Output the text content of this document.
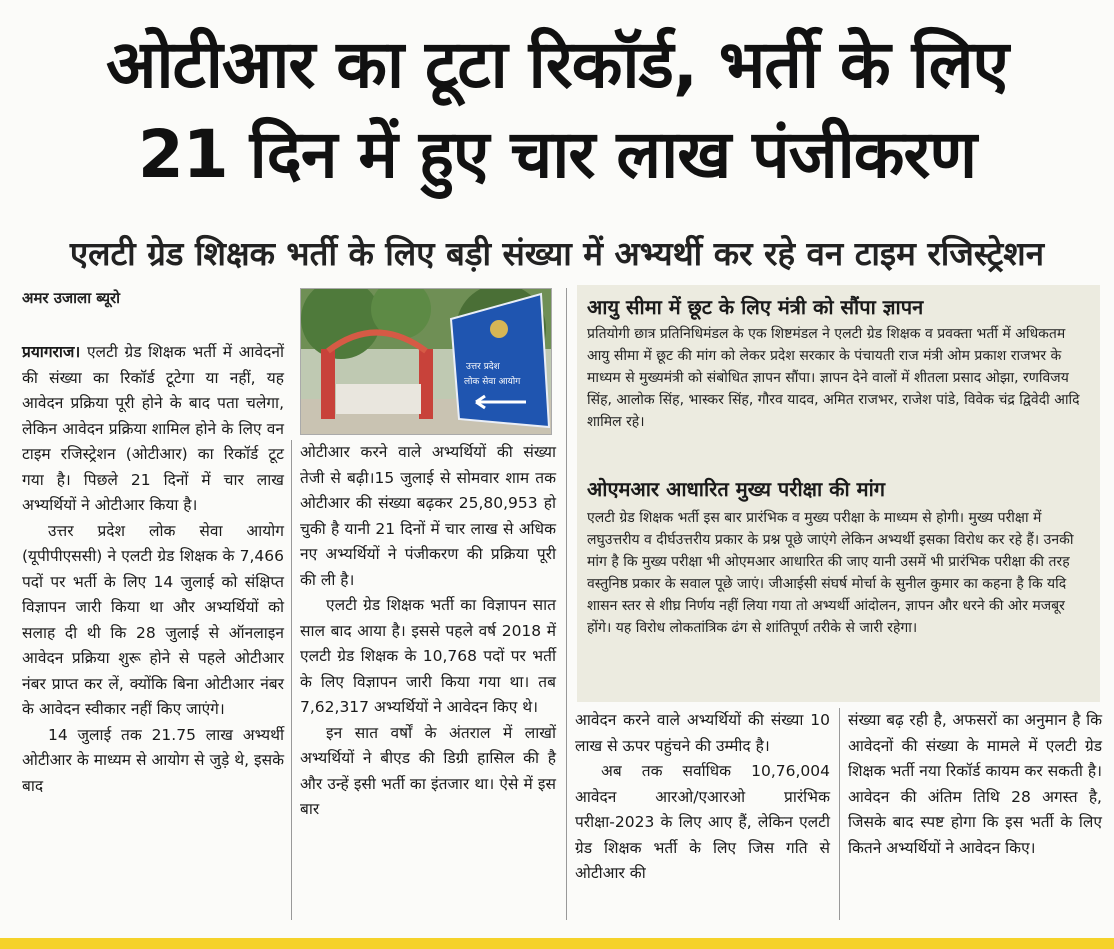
ओटीआर का टूटा रिकॉर्ड, भर्ती के लिए
21 दिन में हुए चार लाख पंजीकरण
एलटी ग्रेड शिक्षक भर्ती के लिए बड़ी संख्या में अभ्यर्थी कर रहे वन टाइम रजिस्ट्रेशन
अमर उजाला ब्यूरो
उत्तर प्रदेश
लोक सेवा आयोग

प्रयागराज। एलटी ग्रेड शिक्षक भर्ती में आवेदनों की संख्या का रिकॉर्ड टूटेगा या नहीं, यह आवेदन प्रक्रिया पूरी होने के बाद पता चलेगा, लेकिन आवेदन प्रक्रिया शामिल होने के लिए वन टाइम रजिस्ट्रेशन (ओटीआर) का रिकॉर्ड टूट गया है। पिछले 21 दिनों में चार लाख अभ्यर्थियों ने ओटीआर किया है।

उत्तर प्रदेश लोक सेवा आयोग (यूपीपीएससी) ने एलटी ग्रेड शिक्षक के 7,466 पदों पर भर्ती के लिए 14 जुलाई को संक्षिप्त विज्ञापन जारी किया था और अभ्यर्थियों को सलाह दी थी कि 28 जुलाई से ऑनलाइन आवेदन प्रक्रिया शुरू होने से पहले ओटीआर नंबर प्राप्त कर लें, क्योंकि बिना ओटीआर नंबर के आवेदन स्वीकार नहीं किए जाएंगे।

14 जुलाई तक 21.75 लाख अभ्यर्थी ओटीआर के माध्यम से आयोग से जुड़े थे, इसके बाद

ओटीआर करने वाले अभ्यर्थियों की संख्या तेजी से बढ़ी।15 जुलाई से सोमवार शाम तक ओटीआर की संख्या बढ़कर 25,80,953 हो चुकी है यानी 21 दिनों में चार लाख से अधिक नए अभ्यर्थियों ने पंजीकरण की प्रक्रिया पूरी की ली है।

एलटी ग्रेड शिक्षक भर्ती का विज्ञापन सात साल बाद आया है। इससे पहले वर्ष 2018 में एलटी ग्रेड शिक्षक के 10,768 पदों पर भर्ती के लिए विज्ञापन जारी किया गया था। तब 7,62,317 अभ्यर्थियों ने आवेदन किए थे।

इन सात वर्षों के अंतराल में लाखों अभ्यर्थियों ने बीएड की डिग्री हासिल की है और उन्हें इसी भर्ती का इंतजार था। ऐसे में इस बार

आयु सीमा में छूट के लिए मंत्री को सौंपा ज्ञापन
प्रतियोगी छात्र प्रतिनिधिमंडल के एक शिष्टमंडल ने एलटी ग्रेड शिक्षक व प्रवक्ता भर्ती में अधिकतम आयु सीमा में छूट की मांग को लेकर प्रदेश सरकार के पंचायती राज मंत्री ओम प्रकाश राजभर के माध्यम से मुख्यमंत्री को संबोधित ज्ञापन सौंपा। ज्ञापन देने वालों में शीतला प्रसाद ओझा, रणविजय सिंह, आलोक सिंह, भास्कर सिंह, गौरव यादव, अमित राजभर, राजेश पांडे, विवेक चंद्र द्विवेदी आदि शामिल रहे।
ओएमआर आधारित मुख्य परीक्षा की मांग
एलटी ग्रेड शिक्षक भर्ती इस बार प्रारंभिक व मुख्य परीक्षा के माध्यम से होगी। मुख्य परीक्षा में लघुउत्तरीय व दीर्घउत्तरीय प्रकार के प्रश्न पूछे जाएंगे लेकिन अभ्यर्थी इसका विरोध कर रहे हैं। उनकी मांग है कि मुख्य परीक्षा भी ओएमआर आधारित की जाए यानी उसमें भी प्रारंभिक परीक्षा की तरह वस्तुनिष्ठ प्रकार के सवाल पूछे जाएं। जीआईसी संघर्ष मोर्चा के सुनील कुमार का कहना है कि यदि शासन स्तर से शीघ्र निर्णय नहीं लिया गया तो अभ्यर्थी आंदोलन, ज्ञापन और धरने की ओर मजबूर होंगे। यह विरोध लोकतांत्रिक ढंग से शांतिपूर्ण तरीके से जारी रहेगा।

आवेदन करने वाले अभ्यर्थियों की संख्या 10 लाख से ऊपर पहुंचने की उम्मीद है।

अब तक सर्वाधिक 10,76,004 आवेदन आरओ/एआरओ प्रारंभिक परीक्षा-2023 के लिए आए हैं, लेकिन एलटी ग्रेड शिक्षक भर्ती के लिए जिस गति से ओटीआर की

संख्या बढ़ रही है, अफसरों का अनुमान है कि आवेदनों की संख्या के मामले में एलटी ग्रेड शिक्षक भर्ती नया रिकॉर्ड कायम कर सकती है। आवेदन की अंतिम तिथि 28 अगस्त है, जिसके बाद स्पष्ट होगा कि इस भर्ती के लिए कितने अभ्यर्थियों ने आवेदन किए।
